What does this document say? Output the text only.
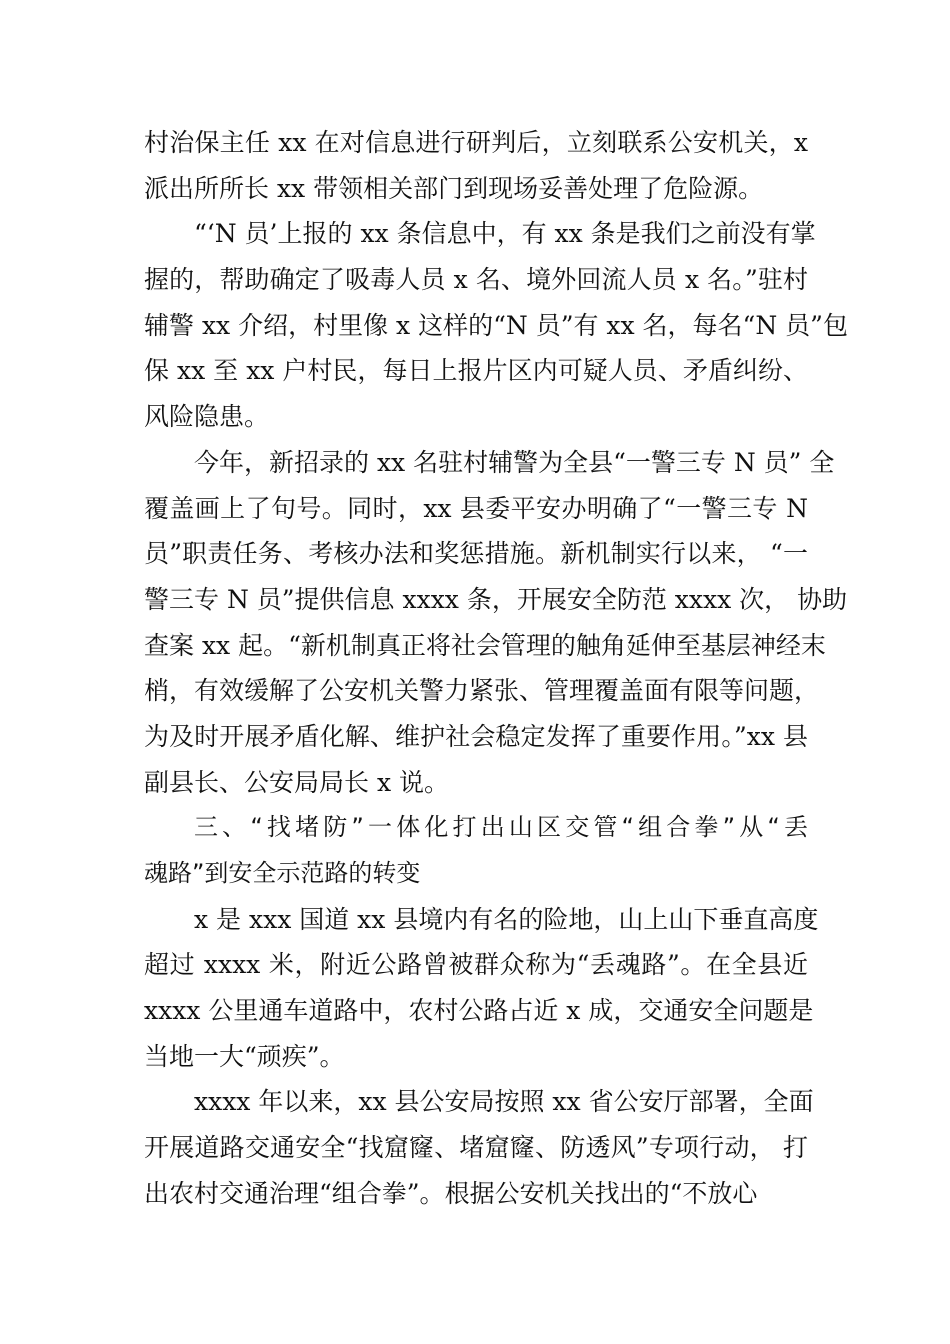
村治保主任 xx 在对信息进行研判后，立刻联系公安机关，x
派出所所长 xx 带领相关部门到现场妥善处理了危险源。
“‘N 员’上报的 xx 条信息中，有 xx 条是我们之前没有掌
握的，帮助确定了吸毒人员 x 名、境外回流人员 x 名。”驻村
辅警 xx 介绍，村里像 x 这样的“N 员”有 xx 名，每名“N 员”包
保 xx 至 xx 户村民，每日上报片区内可疑人员、矛盾纠纷、
风险隐患。
今年，新招录的 xx 名驻村辅警为全县“一警三专 N 员” 全
覆盖画上了句号。同时，xx 县委平安办明确了“一警三专 N
员”职责任务、考核办法和奖惩措施。新机制实行以来， “一
警三专 N 员”提供信息 xxxx 条，开展安全防范 xxxx 次， 协助
查案 xx 起。“新机制真正将社会管理的触角延伸至基层神经末
梢，有效缓解了公安机关警力紧张、管理覆盖面有限等问题，
为及时开展矛盾化解、维护社会稳定发挥了重要作用。”xx 县
副县长、公安局局长 x 说。
三、“找堵防”一体化打出山区交管“组合拳”从“丢
魂路”到安全示范路的转变
x 是 xxx 国道 xx 县境内有名的险地，山上山下垂直高度
超过 xxxx 米，附近公路曾被群众称为“丢魂路”。在全县近
xxxx 公里通车道路中，农村公路占近 x 成，交通安全问题是
当地一大“顽疾”。
xxxx 年以来，xx 县公安局按照 xx 省公安厅部署，全面
开展道路交通安全“找窟窿、堵窟窿、防透风”专项行动， 打
出农村交通治理“组合拳”。根据公安机关找出的“不放心
